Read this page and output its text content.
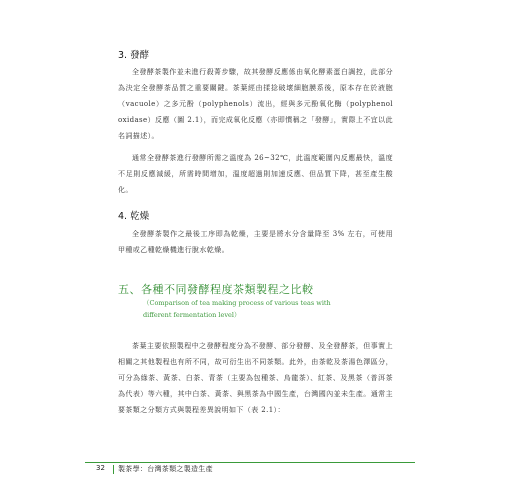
3. 發酵

全發酵茶製作並未進行殺菁步驟，故其發酵反應係由氧化酵素蛋白調控，此部分為決定全發酵茶品質之重要關鍵。茶葉經由揉捻破壞細胞膜系後，原本存在於液胞（vacuole）之多元酚（polyphenols）流出，經與多元酚氧化酶（polyphenol oxidase）反應（圖 2.1），而完成氧化反應（亦即慣稱之「發酵」，實際上不宜以此名詞描述）。

通常全發酵茶進行發酵所需之溫度為 26~32℃，此溫度範圍內反應最快，溫度不足則反應減緩，所需時間增加，溫度超過則加速反應、但品質下降，甚至產生酸化。

4. 乾燥

全發酵茶製作之最後工序即為乾燥，主要是將水分含量降至 3% 左右，可使用甲種或乙種乾燥機進行脫水乾燥。

五、各種不同發酵程度茶類製程之比較
（Comparison of tea making process of various teas with
different fermentation level）

茶葉主要依照製程中之發酵程度分為不發酵、部分發酵、及全發酵茶，但事實上相關之其他製程也有所不同，故可衍生出不同茶類。此外，由茶乾及茶湯色澤區分，可分為綠茶、黃茶、白茶、青茶（主要為包種茶、烏龍茶）、紅茶、及黑茶（普洱茶為代表）等六種，其中白茶、黃茶、與黑茶為中國生產，台灣國內並未生產。通常主要茶類之分類方式與製程差異說明如下（表 2.1）：

32 製茶學：台灣茶類之製造生產
